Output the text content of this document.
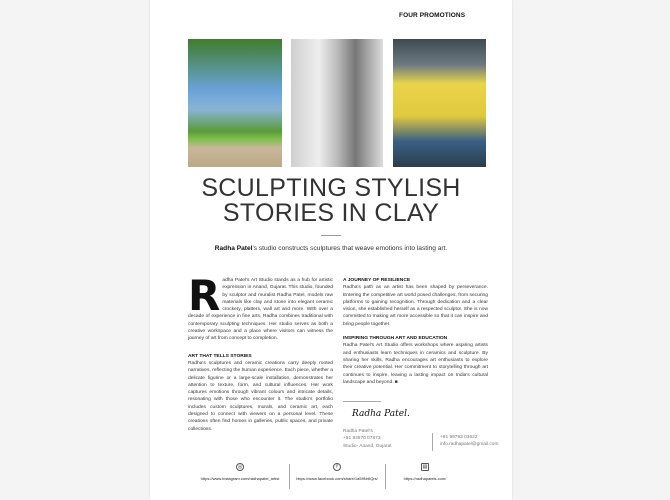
FOUR PROMOTIONS
SCULPTING STYLISH
STORIES IN CLAY
Radha Patel's studio constructs sculptures that weave emotions into lasting art.
Radha Patel's Art Studio stands as a hub for artistic expression in Anand, Gujarat. This studio, founded by sculptor and muralist Radha Patel, models raw materials like clay and stone into elegant ceramic crockery, platters, wall art and more. With over a decade of experience in fine arts, Radha combines traditional with contemporary sculpting techniques. Her studio serves as both a creative workspace and a place where visitors can witness the journey of art from concept to completion.
ART THAT TELLS STORIES
Radha's sculptures and ceramic creations carry deeply rooted narratives, reflecting the human experience. Each piece, whether a delicate figurine or a large-scale installation, demonstrates her attention to texture, form, and cultural influences. Her work captures emotions through vibrant colours and intricate details, resonating with those who encounter it. The studio's portfolio includes custom sculptures, murals, and ceramic art, each designed to connect with viewers on a personal level. These creations often find homes in galleries, public spaces, and private collections.
A JOURNEY OF RESILIENCE
Radha's path as an artist has been shaped by perseverance. Entering the competitive art world posed challenges, from securing platforms to gaining recognition. Through dedication and a clear vision, she established herself as a respected sculptor. She is now committed to making art more accessible so that it can inspire and bring people together.
INSPIRING THROUGH ART AND EDUCATION
Radha Patel's Art Studio offers workshops where aspiring artists and enthusiasts learn techniques in ceramics and sculpture. By sharing her skills, Radha encourages art enthusiasts to explore their creative potential. Her commitment to storytelling through art continues to inspire, leaving a lasting impact on India's cultural landscape and beyond. ■
Radha Patel.
Radha Patel's
+91 83570 07873
Studio- Anand, Gujarat
+91 99793 03622
info.radhapatel@gmail.com
◎
https://www.instagram.com/radhapatel_artist
f
https://www.facebook.com/share/1a59Nr6Qrs/
▤
https://radhapatels.com/
